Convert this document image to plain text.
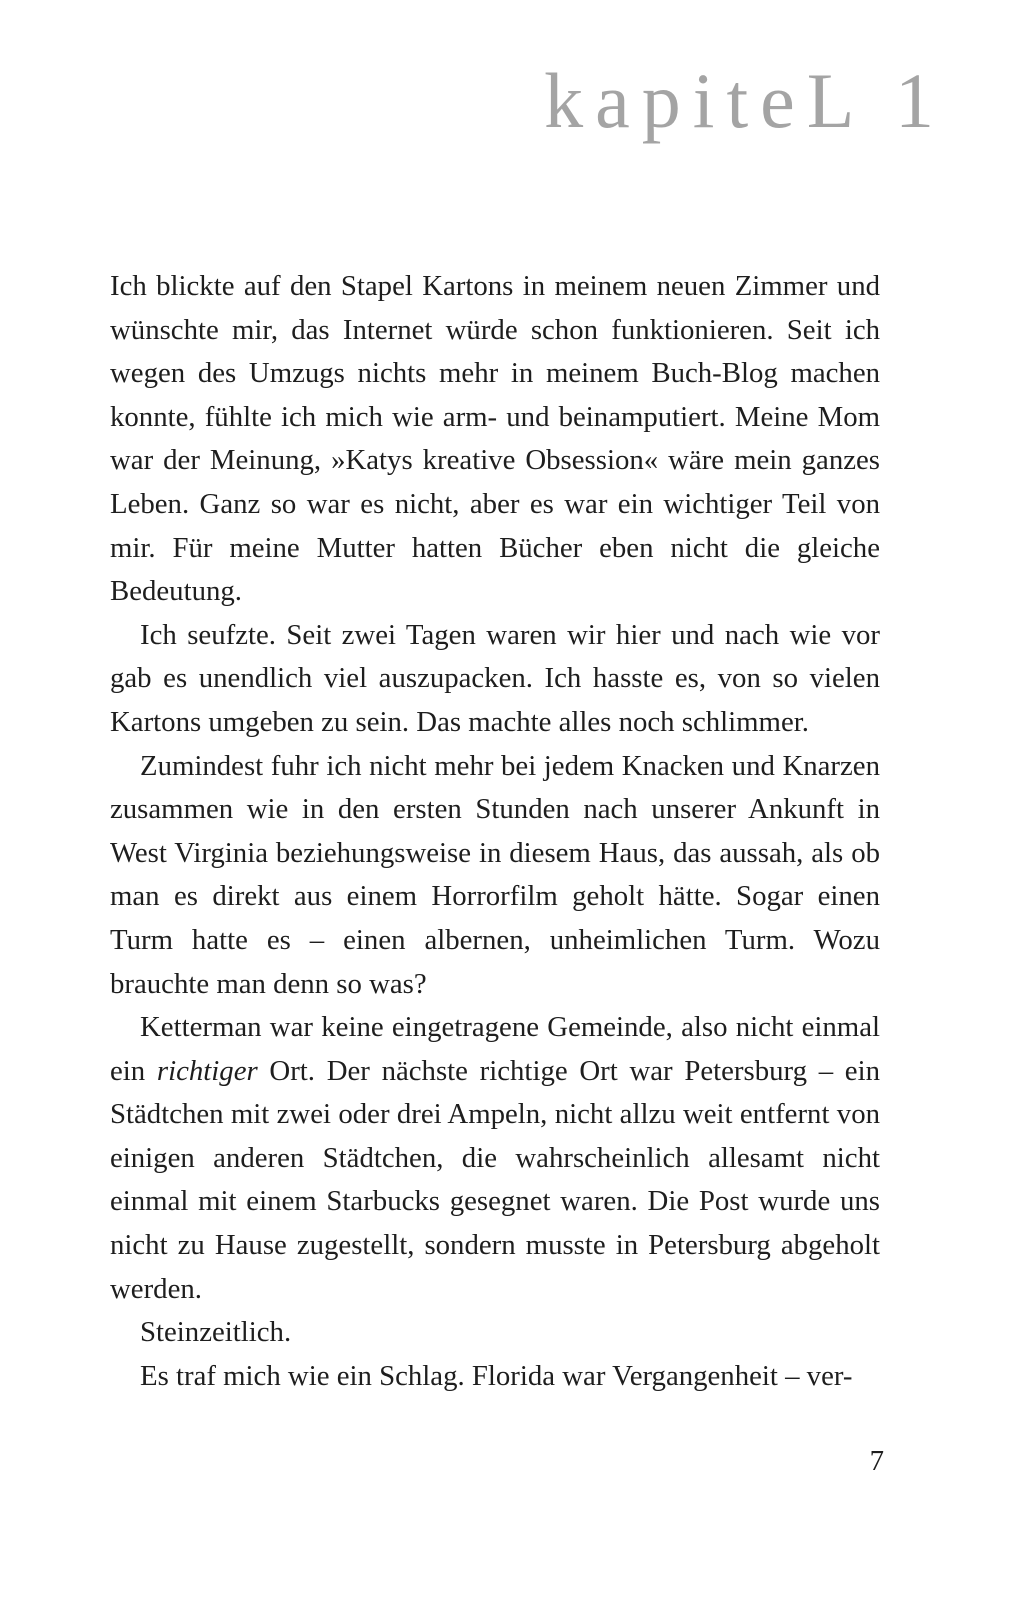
kapiteL 1

Ich blickte auf den Stapel Kartons in meinem neuen Zimmer und wünschte mir, das Internet würde schon funktionieren. Seit ich wegen des Umzugs nichts mehr in meinem Buch-Blog machen konnte, fühlte ich mich wie arm- und beinamputiert. Meine Mom war der Meinung, »Katys kreative Obsession« wäre mein ganzes Leben. Ganz so war es nicht, aber es war ein wichtiger Teil von mir. Für meine Mutter hatten Bücher eben nicht die gleiche Bedeutung.

Ich seufzte. Seit zwei Tagen waren wir hier und nach wie vor gab es unendlich viel auszupacken. Ich hasste es, von so vielen Kartons umgeben zu sein. Das machte alles noch schlimmer.

Zumindest fuhr ich nicht mehr bei jedem Knacken und Knarzen zusammen wie in den ersten Stunden nach unserer Ankunft in West Virginia beziehungsweise in diesem Haus, das aussah, als ob man es direkt aus einem Horrorfilm geholt hätte. Sogar einen Turm hatte es – einen albernen, unheimlichen Turm. Wozu brauchte man denn so was?

Ketterman war keine eingetragene Gemeinde, also nicht einmal ein richtiger Ort. Der nächste richtige Ort war Petersburg – ein Städtchen mit zwei oder drei Ampeln, nicht allzu weit entfernt von einigen anderen Städtchen, die wahrscheinlich allesamt nicht einmal mit einem Starbucks gesegnet waren. Die Post wurde uns nicht zu Hause zugestellt, sondern musste in Petersburg abgeholt werden.

Steinzeitlich.

Es traf mich wie ein Schlag. Florida war Vergangenheit – ver-

7
